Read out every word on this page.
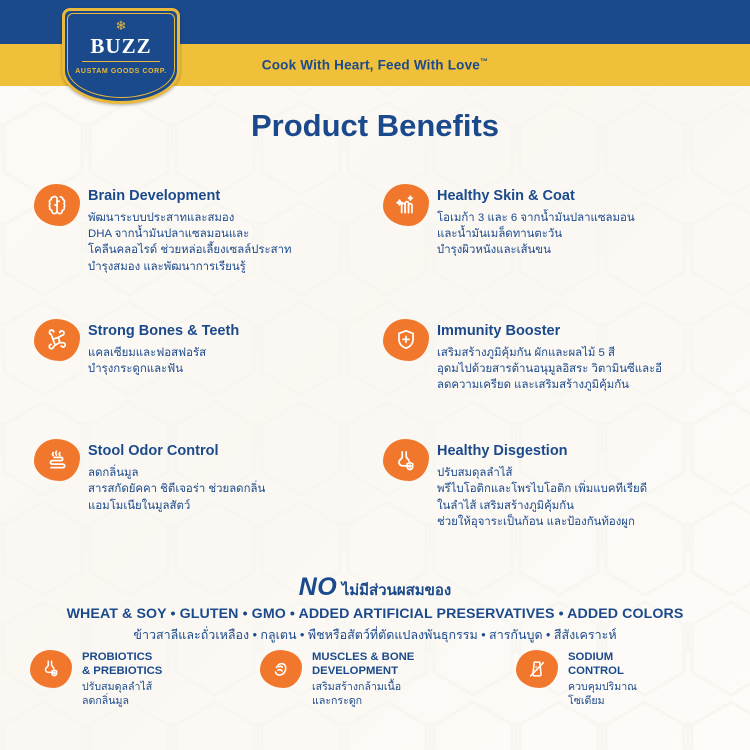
Cook With Heart, Feed With Love™
❄
BUZZ
AUSTAM GOODS CORP.
Product Benefits
Brain Development
พัฒนาระบบประสาทและสมอง
DHA จากน้ำมันปลาแซลมอนและ
โคลีนคลอไรด์ ช่วยหล่อเลี้ยงเซลล์ประสาท
บำรุงสมอง และพัฒนาการเรียนรู้
Healthy Skin & Coat
โอเมก้า 3 และ 6 จากน้ำมันปลาแซลมอน
และน้ำมันเมล็ดทานตะวัน
บำรุงผิวหนังและเส้นขน
Strong Bones & Teeth
แคลเซียมและฟอสฟอรัส
บำรุงกระดูกและฟัน
Immunity Booster
เสริมสร้างภูมิคุ้มกัน ผักและผลไม้ 5 สี
อุดมไปด้วยสารต้านอนุมูลอิสระ วิตามินซีและอี
ลดความเครียด และเสริมสร้างภูมิคุ้มกัน
Stool Odor Control
ลดกลิ่นมูล
สารสกัดยัคคา ชิตีเจอร่า ช่วยลดกลิ่น
แอมโมเนียในมูลสัตว์
Healthy Disgestion
ปรับสมดุลลำไส้
พรีไบโอติกและโพรไบโอติก เพิ่มแบคทีเรียดี
ในลำไส้ เสริมสร้างภูมิคุ้มกัน
ช่วยให้อุจาระเป็นก้อน และป้องกันท้องผูก
NO ไม่มีส่วนผสมของ
WHEAT & SOY • GLUTEN • GMO • ADDED ARTIFICIAL PRESERVATIVES • ADDED COLORS
ข้าวสาลีและถั่วเหลือง • กลูเตน • พืชหรือสัตว์ที่ตัดแปลงพันธุกรรม • สารกันบูด • สีสังเคราะห์
PROBIOTICS
& PREBIOTICS
ปรับสมดุลลำไส้
ลดกลิ่นมูล
MUSCLES & BONE
DEVELOPMENT
เสริมสร้างกล้ามเนื้อ
และกระดูก
SODIUM
CONTROL
ควบคุมปริมาณ
โซเดียม
